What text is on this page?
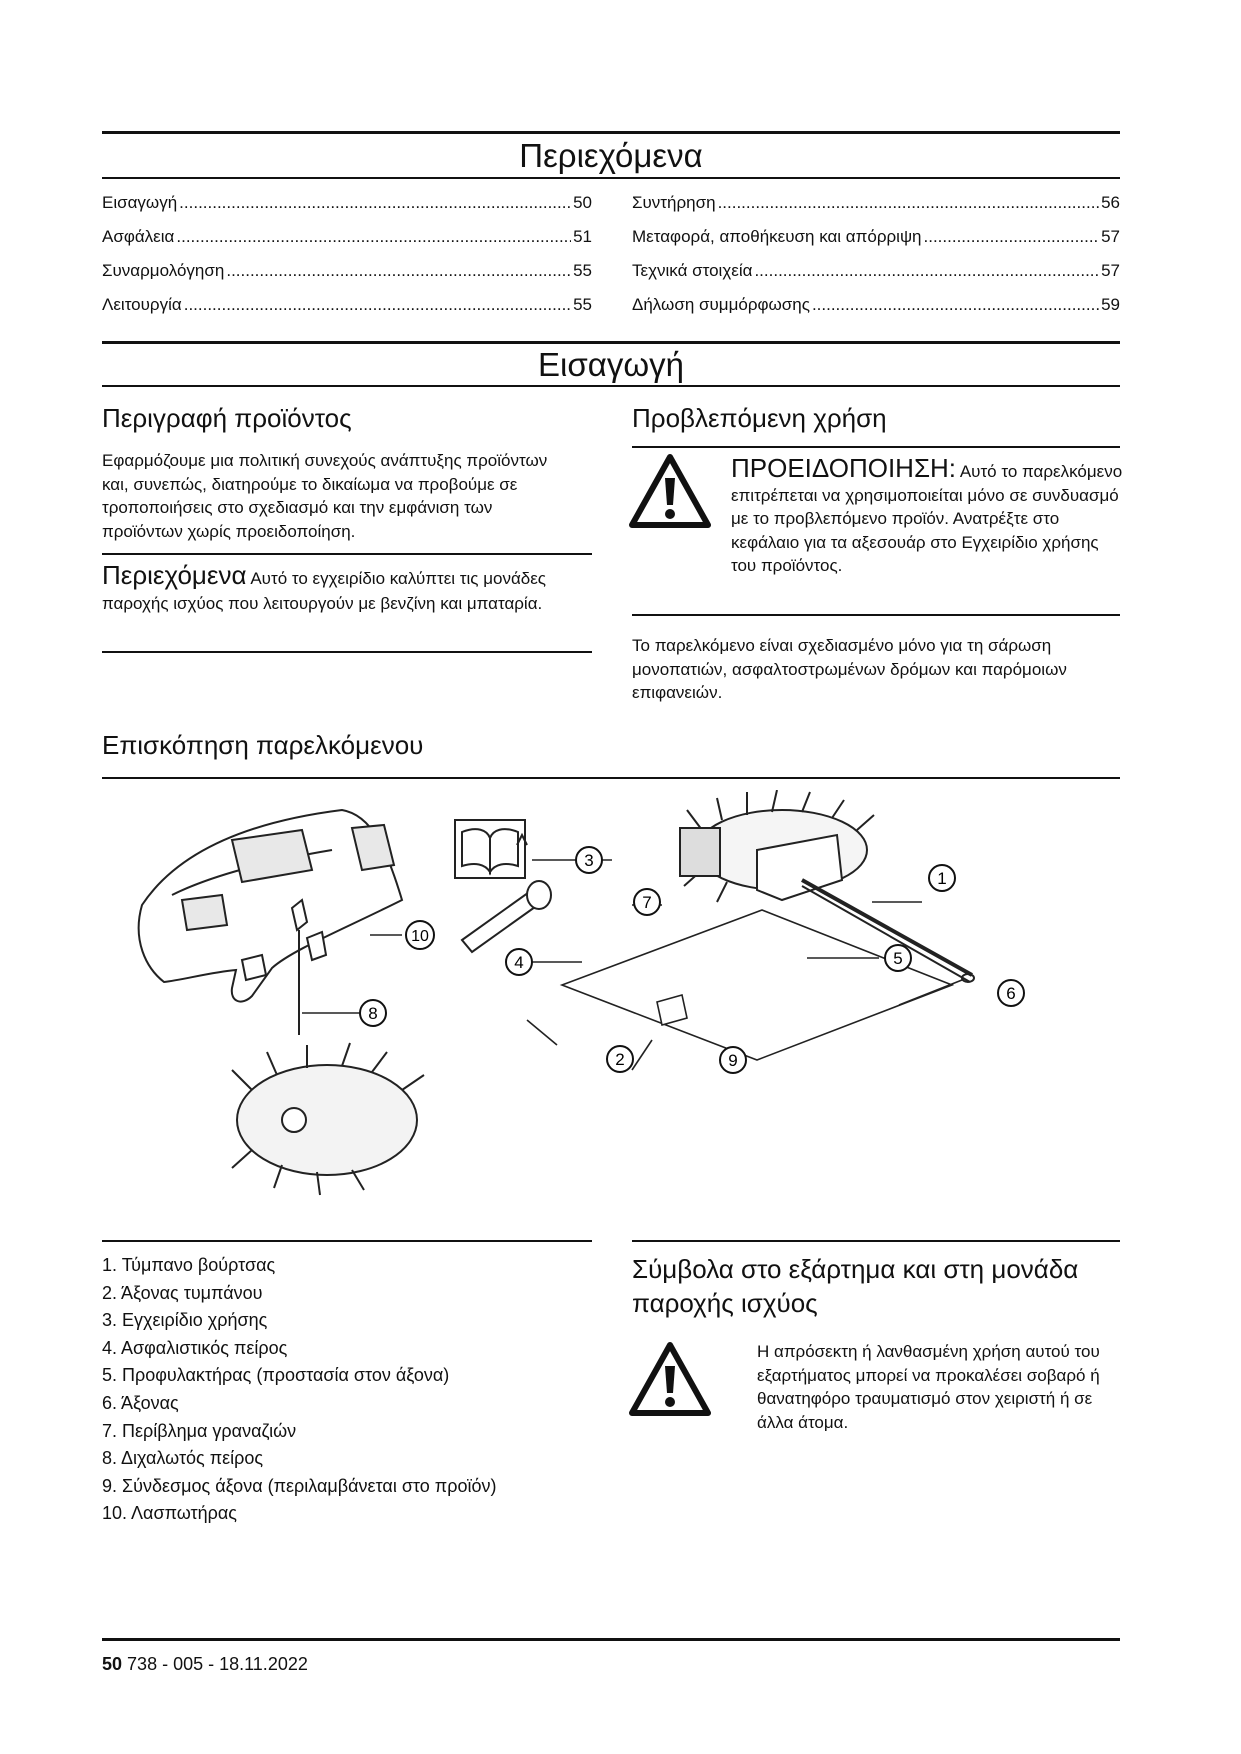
Περιεχόμενα
Εισαγωγή .....	50
Ασφάλεια .....	51
Συναρμολόγηση .....	55
Λειτουργία .....	55
Συντήρηση .....	56
Μεταφορά, αποθήκευση και απόρριψη .....	57
Τεχνικά στοιχεία .....	57
Δήλωση συμμόρφωσης .....	59
Εισαγωγή
Περιγραφή προϊόντος
Εφαρμόζουμε μια πολιτική συνεχούς ανάπτυξης προϊόντων και, συνεπώς, διατηρούμε το δικαίωμα να προβούμε σε τροποποιήσεις στο σχεδιασμό και την εμφάνιση των προϊόντων χωρίς προειδοποίηση.
Περιεχόμενα Αυτό το εγχειρίδιο καλύπτει τις μονάδες παροχής ισχύος που λειτουργούν με βενζίνη και μπαταρία.
Προβλεπόμενη χρήση
ΠΡΟΕΙΔΟΠΟΙΗΣΗ: Αυτό το παρελκόμενο επιτρέπεται να χρησιμοποιείται μόνο σε συνδυασμό με το προβλεπόμενο προϊόν. Ανατρέξτε στο κεφάλαιο για τα αξεσουάρ στο Εγχειρίδιο χρήσης του προϊόντος.
Το παρελκόμενο είναι σχεδιασμένο μόνο για τη σάρωση μονοπατιών, ασφαλτοστρωμένων δρόμων και παρόμοιων επιφανειών.
Επισκόπηση παρελκόμενου
1
2
3
4	5
6
7
8
9
10
1. Τύμπανο βούρτσας
2. Άξονας τυμπάνου
3. Εγχειρίδιο χρήσης
4. Ασφαλιστικός πείρος
5. Προφυλακτήρας (προστασία στον άξονα)
6. Άξονας
7. Περίβλημα γραναζιών
8. Διχαλωτός πείρος
9. Σύνδεσμος άξονα (περιλαμβάνεται στο προϊόν)
10. Λασπωτήρας
Σύμβολα στο εξάρτημα και στη μονάδα παροχής ισχύος
Η απρόσεκτη ή λανθασμένη χρήση αυτού του εξαρτήματος μπορεί να προκαλέσει σοβαρό ή θανατηφόρο τραυματισμό στον χειριστή ή σε άλλα άτομα.
50 738 - 005 - 18.11.2022
